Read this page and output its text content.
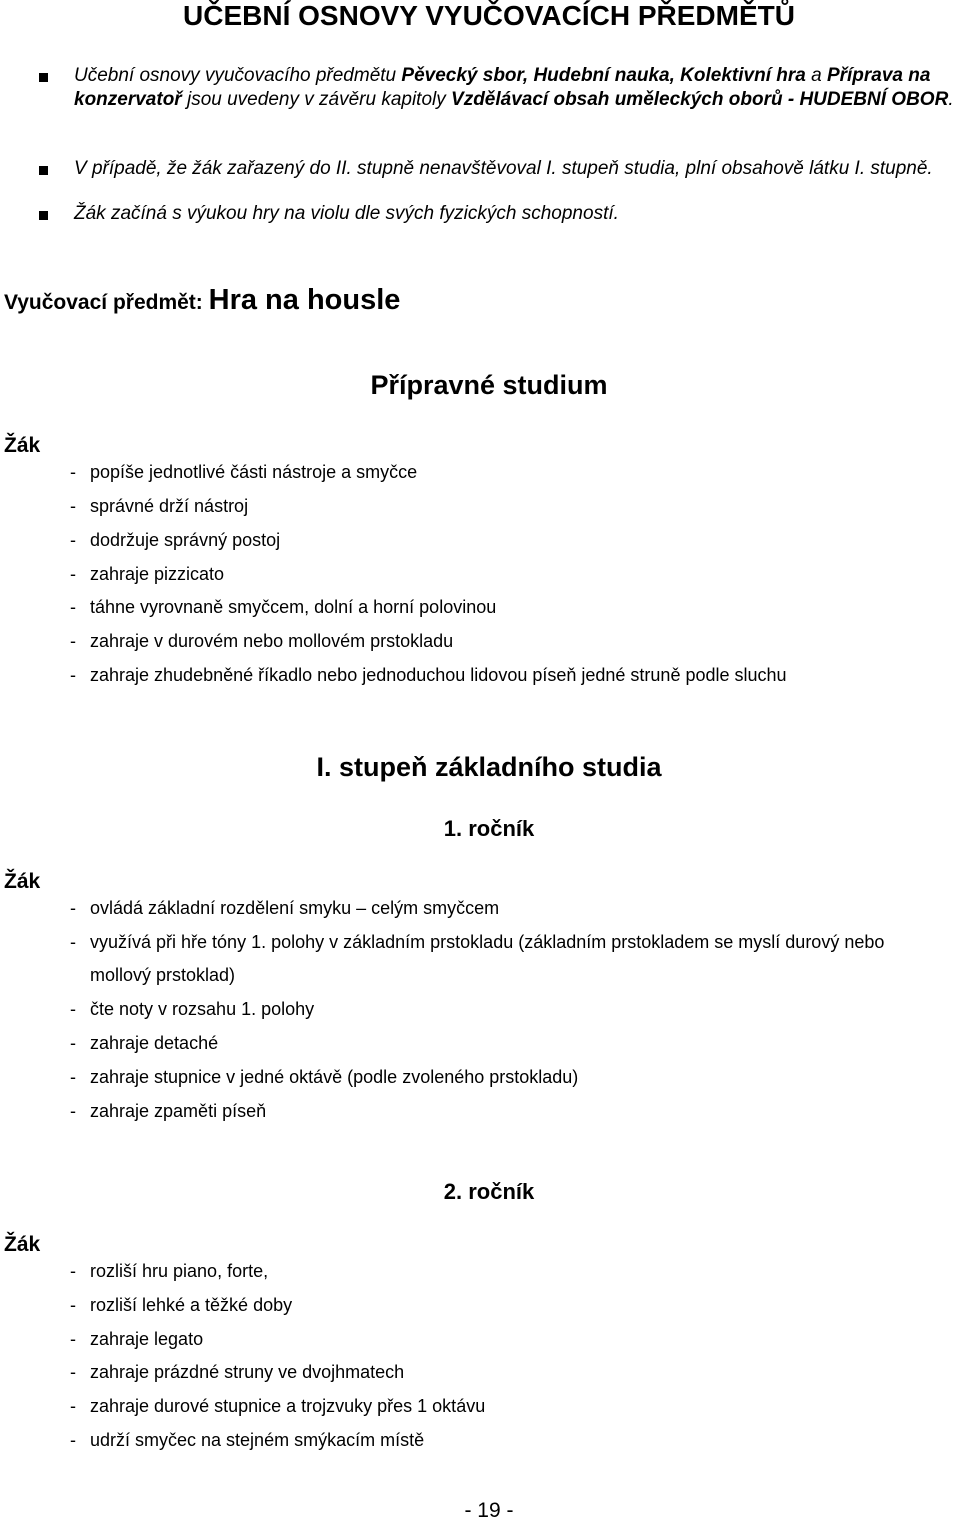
UČEBNÍ OSNOVY VYUČOVACÍCH PŘEDMĚTŮ
Učební osnovy vyučovacího předmětu Pěvecký sbor, Hudební nauka, Kolektivní hra a Příprava na konzervatoř jsou uvedeny v závěru kapitoly Vzdělávací obsah uměleckých oborů - HUDEBNÍ OBOR.
V případě, že žák zařazený do II. stupně nenavštěvoval I. stupeň studia, plní obsahově látku I. stupně.
Žák začíná s výukou hry na violu dle svých fyzických schopností.
Vyučovací předmět: Hra na housle
Přípravné studium
Žák
- popíše jednotlivé části nástroje a smyčce
- správné drží nástroj
- dodržuje správný postoj
- zahraje pizzicato
- táhne vyrovnaně smyčcem, dolní a horní polovinou
- zahraje v durovém nebo mollovém prstokladu
- zahraje zhudebněné říkadlo nebo jednoduchou lidovou píseň jedné struně podle sluchu
I. stupeň základního studia
1. ročník
Žák
- ovládá základní rozdělení smyku – celým smyčcem
- využívá při hře tóny 1. polohy v základním prstokladu (základním prstokladem se myslí durový nebo
mollový prstoklad)
- čte noty v rozsahu 1. polohy
- zahraje detaché
- zahraje stupnice v jedné oktávě (podle zvoleného prstokladu)
- zahraje zpaměti píseň
2. ročník
Žák
- rozliší hru piano, forte,
- rozliší lehké a těžké doby
- zahraje legato
- zahraje prázdné struny ve dvojhmatech
- zahraje durové stupnice a trojzvuky přes 1 oktávu
- udrží smyčec na stejném smýkacím místě
- 19 -
